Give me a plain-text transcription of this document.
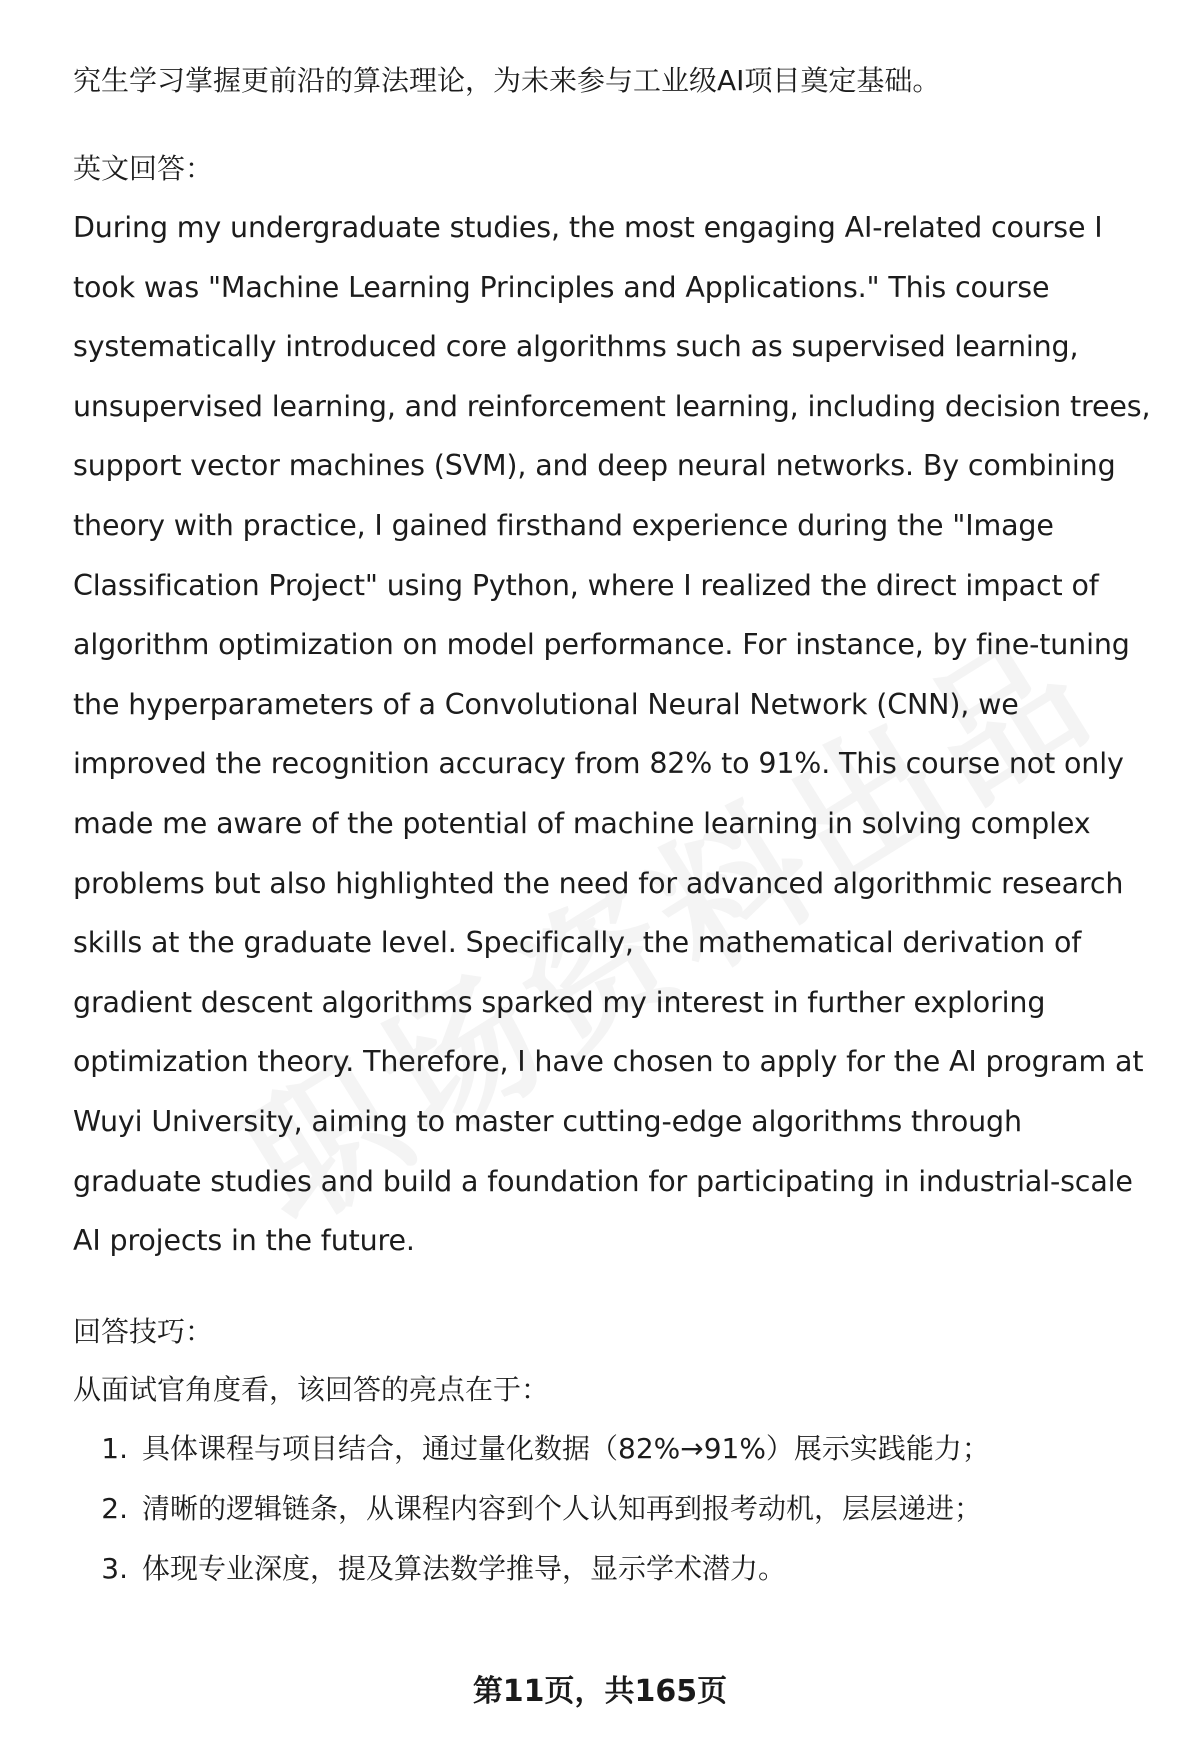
究生学习掌握更前沿的算法理论，为未来参与工业级AI项目奠定基础。

英文回答：

During my undergraduate studies, the most engaging AI-related course I

took was "Machine Learning Principles and Applications." This course

systematically introduced core algorithms such as supervised learning,

unsupervised learning, and reinforcement learning, including decision trees,

support vector machines (SVM), and deep neural networks. By combining

theory with practice, I gained firsthand experience during the "Image

Classification Project" using Python, where I realized the direct impact of

algorithm optimization on model performance. For instance, by fine-tuning

the hyperparameters of a Convolutional Neural Network (CNN), we

improved the recognition accuracy from 82% to 91%. This course not only

made me aware of the potential of machine learning in solving complex

problems but also highlighted the need for advanced algorithmic research

skills at the graduate level. Specifically, the mathematical derivation of

gradient descent algorithms sparked my interest in further exploring

optimization theory. Therefore, I have chosen to apply for the AI program at

Wuyi University, aiming to master cutting-edge algorithms through

graduate studies and build a foundation for participating in industrial-scale

AI projects in the future.

回答技巧：

从面试官角度看，该回答的亮点在于：

1. 具体课程与项目结合，通过量化数据（82%→91%）展示实践能力；
2. 清晰的逻辑链条，从课程内容到个人认知再到报考动机，层层递进；
3. 体现专业深度，提及算法数学推导，显示学术潜力。
第11页，共165页
